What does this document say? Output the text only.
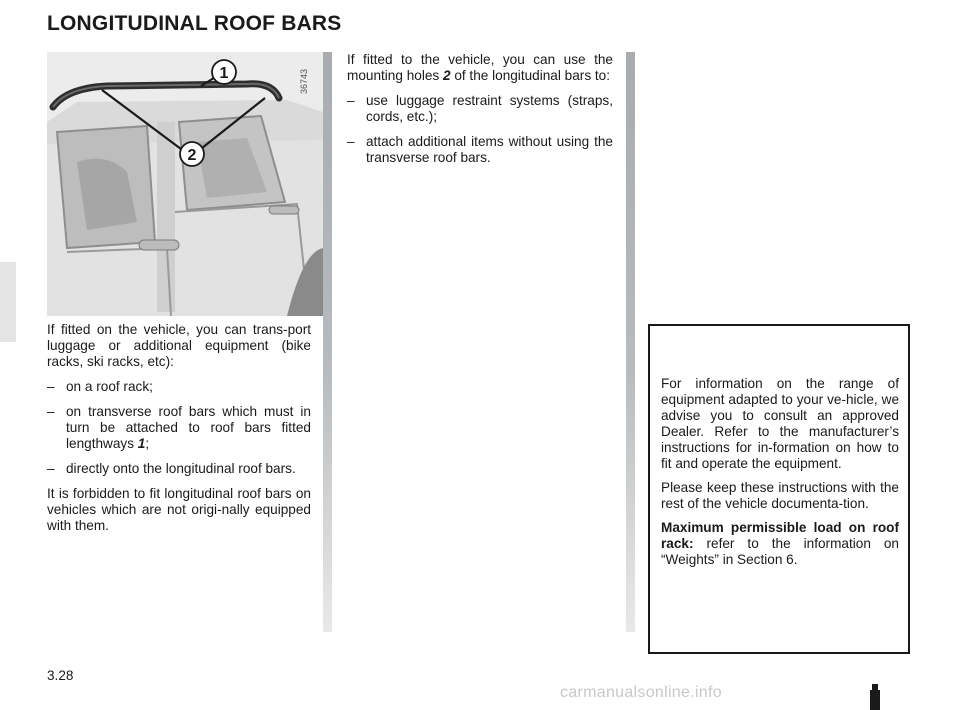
LONGITUDINAL ROOF BARS
1
2
36743

If fitted on the vehicle, you can trans-port luggage or additional equipment (bike racks, ski racks, etc):

– on a roof rack;
– on transverse roof bars which must in turn be attached to roof bars fitted lengthways 1;
– directly onto the longitudinal roof bars.

It is forbidden to fit longitudinal roof bars on vehicles which are not origi-nally equipped with them.

If fitted to the vehicle, you can use the mounting holes 2 of the longitudinal bars to:

– use luggage restraint systems (straps, cords, etc.);
– attach additional items without using the transverse roof bars.

For information on the range of equipment adapted to your ve-hicle, we advise you to consult an approved Dealer. Refer to the manufacturer’s instructions for in-formation on how to fit and operate the equipment.

Please keep these instructions with the rest of the vehicle documenta-tion.

Maximum permissible load on roof rack: refer to the information on “Weights” in Section 6.

3.28
carmanualsonline.info
